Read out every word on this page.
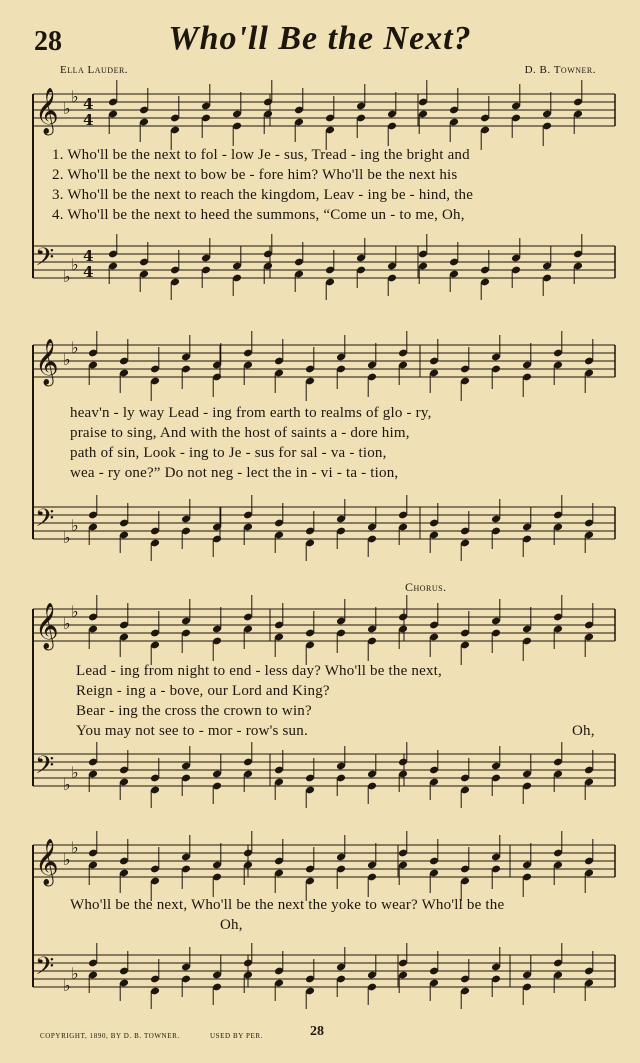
28	Who'll Be the Next?
Ella Lauder.	D. B. Towner.
𝄞 ♭
♭ 4
4
𝄢 ♭
♭ 4
4
𝄞 ♭
♭
𝄢 ♭
♭
𝄞 ♭
♭
𝄢 ♭
♭
𝄞 ♭
♭
𝄢 ♭
♭
1. Who'll be the next to fol - low Je - sus, Tread - ing the bright and
2. Who'll be the next to bow be - fore him? Who'll be the next his
3. Who'll be the next to reach the kingdom, Leav - ing be - hind, the
4. Who'll be the next to heed the summons, “Come un - to me, Oh,
heav'n - ly way Lead - ing from earth to realms of glo - ry,
praise to sing, And with the host of saints a - dore him,
path of sin, Look - ing to Je - sus for sal - va - tion,
wea - ry one?” Do not neg - lect the in - vi - ta - tion,
Chorus.
Lead - ing from night to end - less day? Who'll be the next,
Reign - ing a - bove, our Lord and King?
Bear - ing the cross the crown to win?
You may not see to - mor - row's sun.	Oh,
Who'll be the next, Who'll be the next the yoke to wear? Who'll be the
Oh,
COPYRIGHT, 1890, BY D. B. TOWNER.	USED BY PER.	28
